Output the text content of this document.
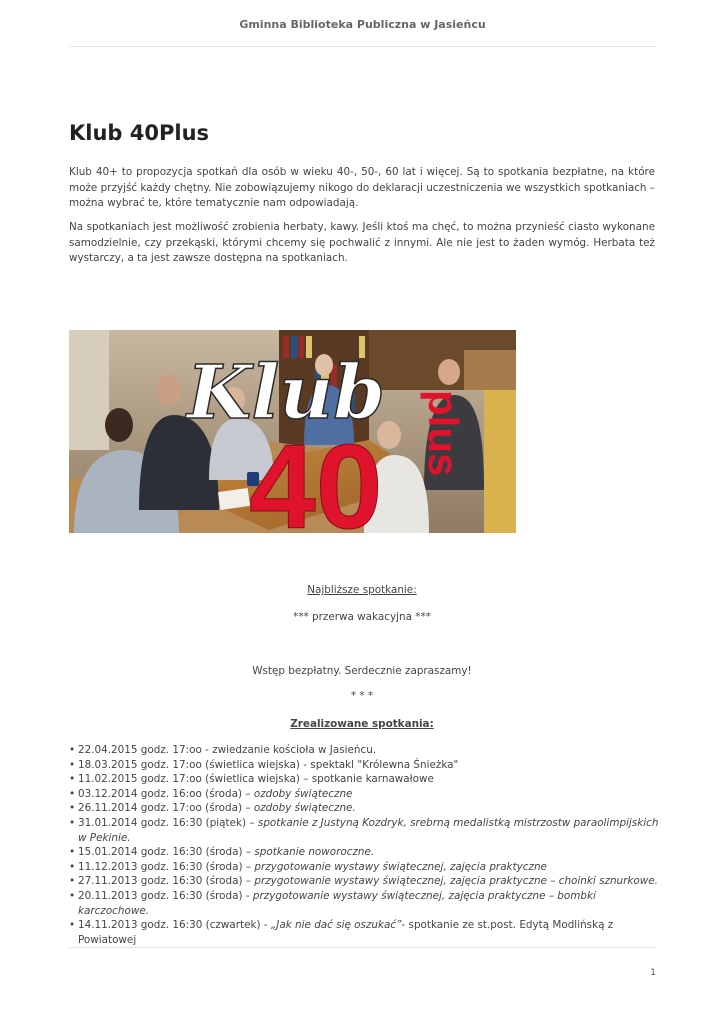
Gminna Biblioteka Publiczna w Jasieńcu
Klub 40Plus

Klub 40+ to propozycja spotkań dla osób w wieku 40-, 50-, 60 lat i więcej. Są to spotkania bezpłatne, na które może przyjść każdy chętny. Nie zobowiązujemy nikogo do deklaracji uczestniczenia we wszystkich spotkaniach – można wybrać te, które tematycznie nam odpowiadają.

Na spotkaniach jest możliwość zrobienia herbaty, kawy. Jeśli ktoś ma chęć, to można przynieść ciasto wykonane samodzielnie, czy przekąski, którymi chcemy się pochwalić z innymi. Ale nie jest to żaden wymóg. Herbata też wystarczy, a ta jest zawsze dostępna na spotkaniach.

Klub
40 plus
Najbliższe spotkanie:
*** przerwa wakacyjna ***
Wstęp bezpłatny. Serdecznie zapraszamy!
* * *
Zrealizowane spotkania:
• 22.04.2015 godz. 17:oo - zwiedzanie kościoła w Jasieńcu.
• 18.03.2015 godz. 17:oo (świetlica wiejska) - spektakl "Królewna Śnieżka"
• 11.02.2015 godz. 17:oo (świetlica wiejska) – spotkanie karnawałowe
• 03.12.2014 godz. 16:oo (środa) – ozdoby świąteczne
• 26.11.2014 godz. 17:oo (środa) – ozdoby świąteczne.
• 31.01.2014 godz. 16:30 (piątek) – spotkanie z Justyną Kozdryk, srebrną medalistką mistrzostw paraolimpijskich w Pekinie.
• 15.01.2014 godz. 16:30 (środa) – spotkanie noworoczne.
• 11.12.2013 godz. 16:30 (środa) – przygotowanie wystawy świątecznej, zajęcia praktyczne
• 27.11.2013 godz. 16:30 (środa) – przygotowanie wystawy świątecznej, zajęcia praktyczne – choinki sznurkowe.
• 20.11.2013 godz. 16:30 (środa) - przygotowanie wystawy świątecznej, zajęcia praktyczne – bombki karczochowe.
• 14.11.2013 godz. 16:30 (czwartek) - „Jak nie dać się oszukać”- spotkanie ze st.post. Edytą Modlińską z Powiatowej
1
